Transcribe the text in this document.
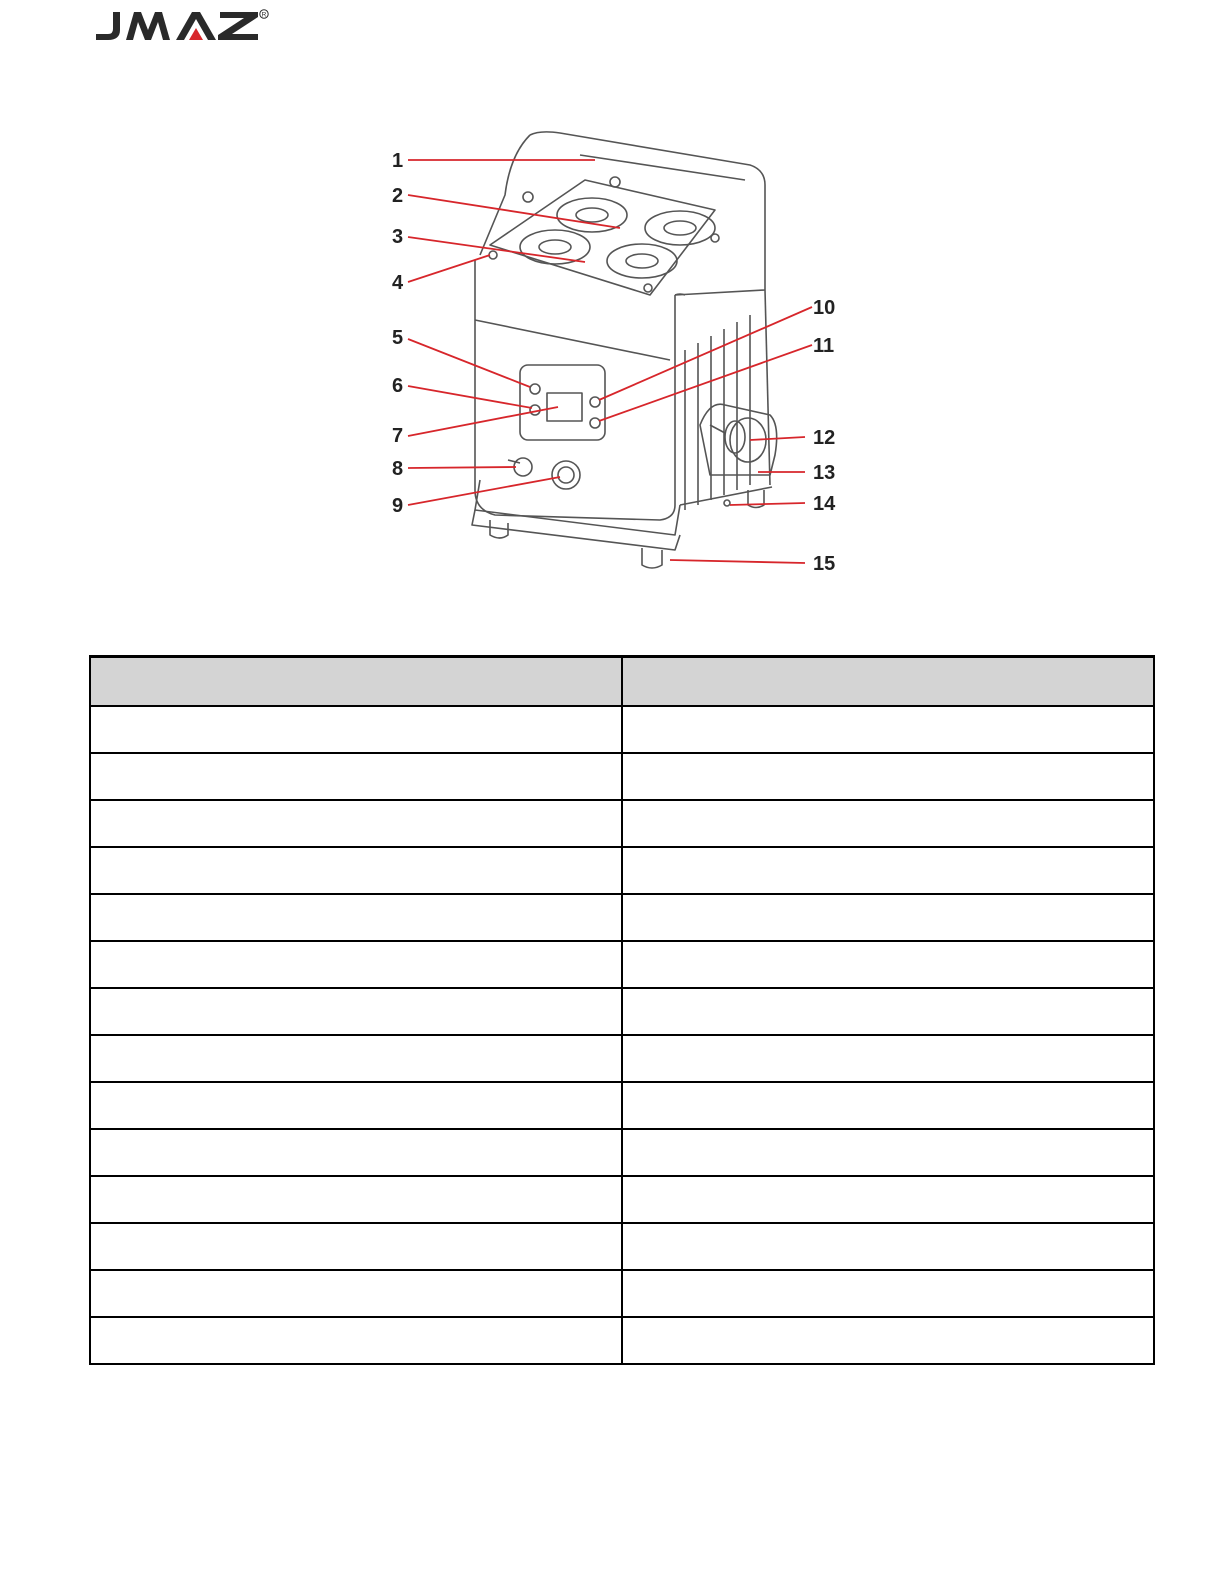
R
1
2
3
4
5
6
7
8
9
10
11
12
13
14
15
